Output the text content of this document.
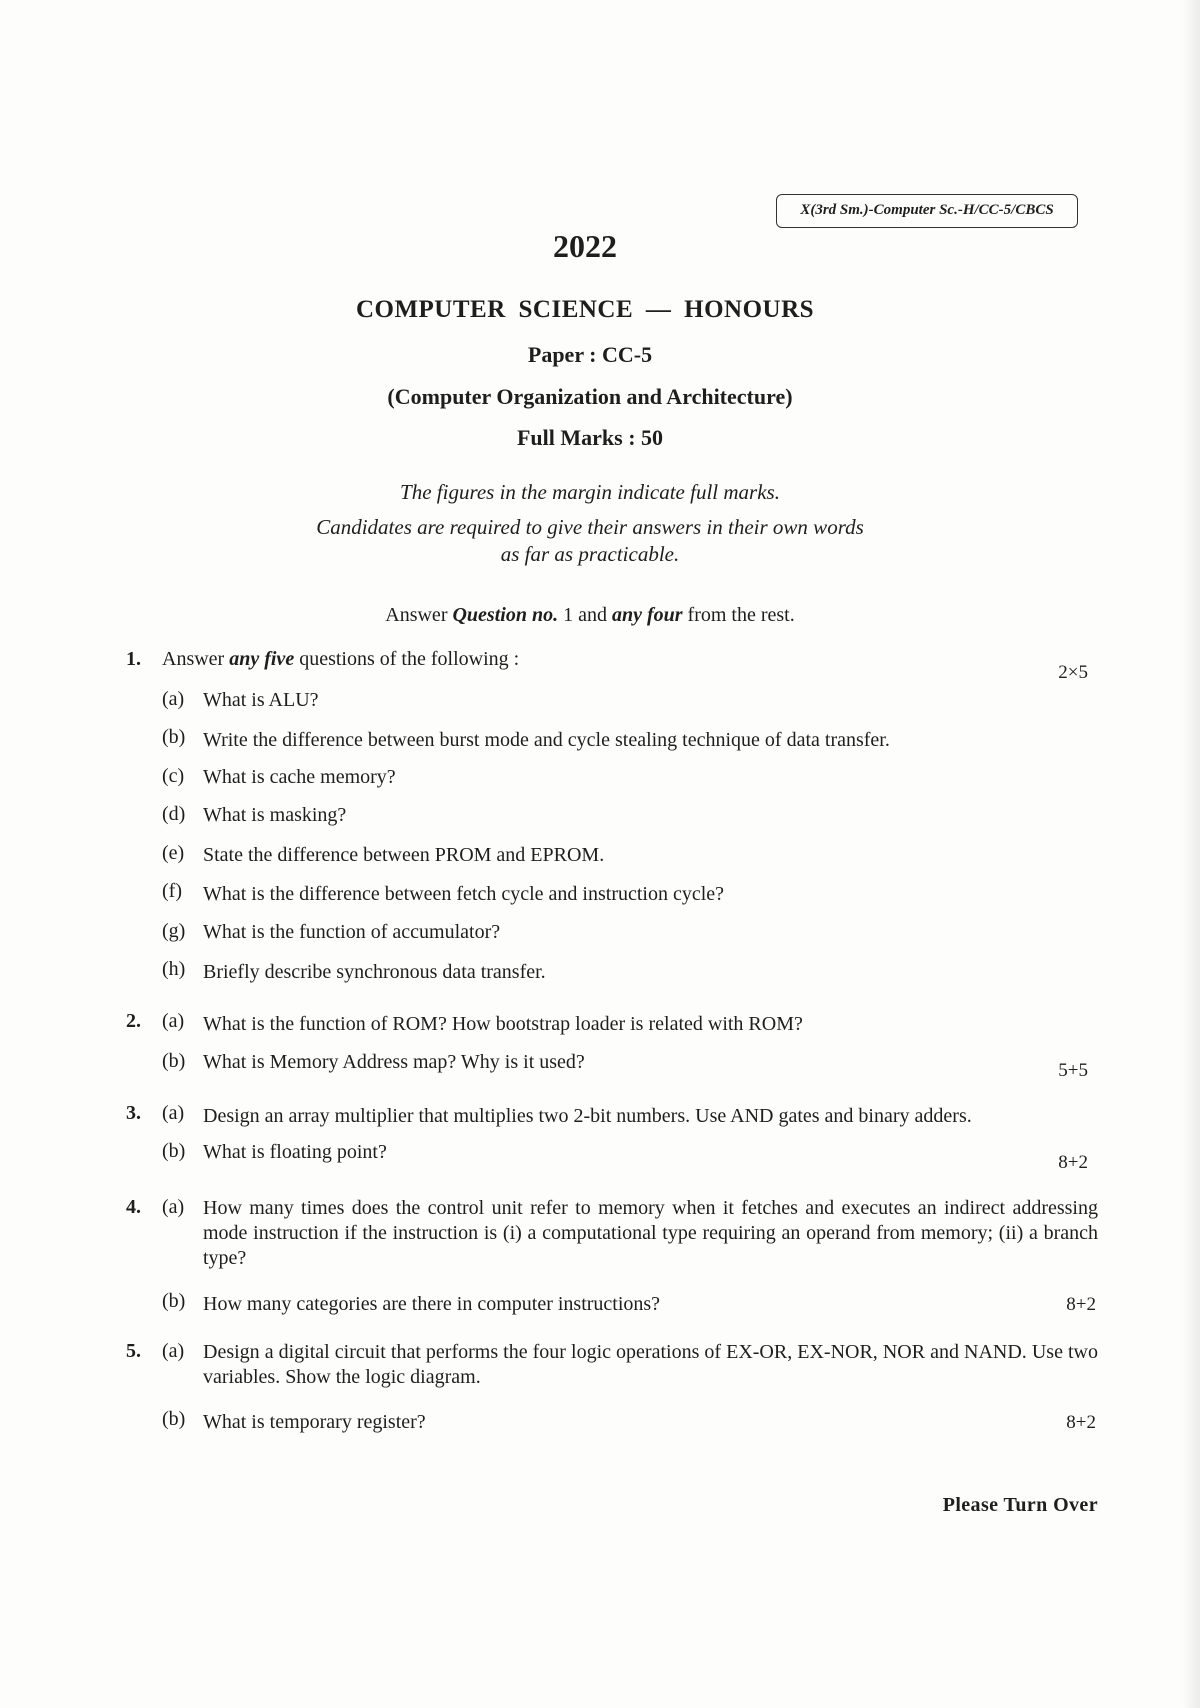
X(3rd Sm.)-Computer Sc.-H/CC-5/CBCS
2022
COMPUTER SCIENCE — HONOURS
Paper : CC-5
(Computer Organization and Architecture)
Full Marks : 50
The figures in the margin indicate full marks.
Candidates are required to give their answers in their own words
as far as practicable.
Answer Question no. 1 and any four from the rest.
1. Answer any five questions of the following :
2×5
(a) What is ALU?
(b) Write the difference between burst mode and cycle stealing technique of data transfer.
(c) What is cache memory?
(d) What is masking?
(e) State the difference between PROM and EPROM.
(f) What is the difference between fetch cycle and instruction cycle?
(g) What is the function of accumulator?
(h) Briefly describe synchronous data transfer.
2. (a) What is the function of ROM? How bootstrap loader is related with ROM?
(b) What is Memory Address map? Why is it used?	5+5
3. (a) Design an array multiplier that multiplies two 2-bit numbers. Use AND gates and binary adders.
(b) What is floating point?	8+2
4. (a) How many times does the control unit refer to memory when it fetches and executes an indirect addressing mode instruction if the instruction is (i) a computational type requiring an operand from memory; (ii) a branch type?
(b) How many categories are there in computer instructions?	8+2
5. (a) Design a digital circuit that performs the four logic operations of EX-OR, EX-NOR, NOR and NAND. Use two variables. Show the logic diagram.
(b) What is temporary register?	8+2
Please Turn Over
